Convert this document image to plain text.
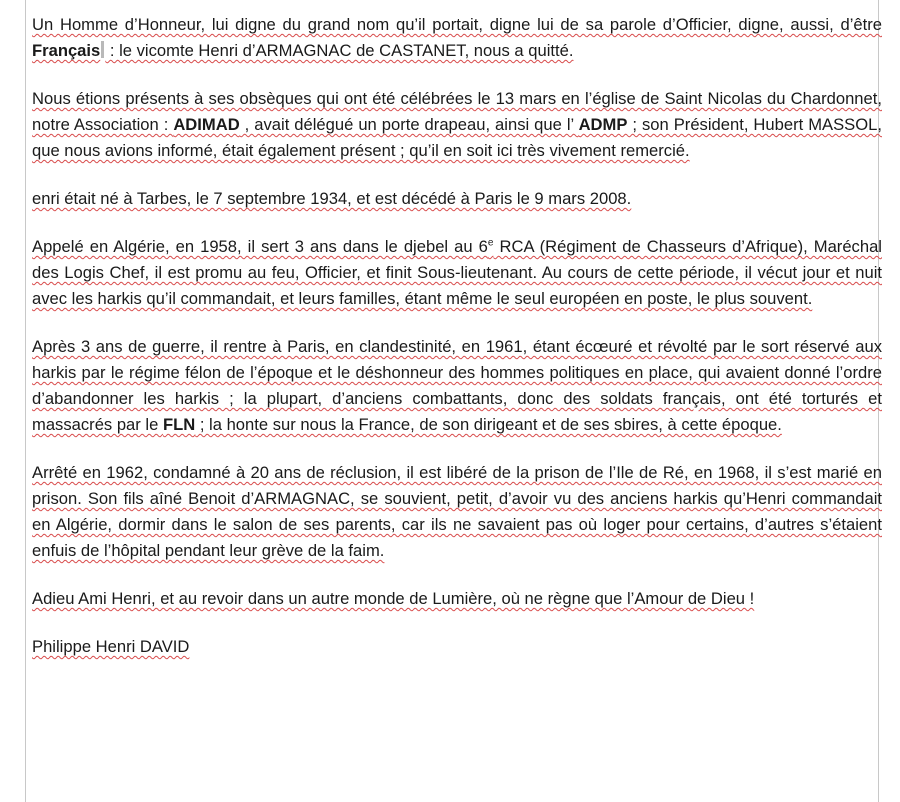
Un Homme d’Honneur, lui digne du grand nom qu’il portait, digne lui de sa parole d’Officier, digne, aussi, d’être Français : le vicomte Henri d’ARMAGNAC de CASTANET, nous a quitté.

Nous étions présents à ses obsèques qui ont été célébrées le 13 mars en l’église de Saint Nicolas du Chardonnet, notre Association : ADIMAD , avait délégué un porte drapeau, ainsi que l’ ADMP ; son Président, Hubert MASSOL, que nous avions informé, était également présent ; qu’il en soit ici très vivement remercié.

enri était né à Tarbes, le 7 septembre 1934, et est décédé à Paris le 9 mars 2008.

Appelé en Algérie, en 1958, il sert 3 ans dans le djebel au 6e RCA (Régiment de Chasseurs d’Afrique), Maréchal des Logis Chef, il est promu au feu, Officier, et finit Sous-lieutenant. Au cours de cette période, il vécut jour et nuit avec les harkis qu’il commandait, et leurs familles, étant même le seul européen en poste, le plus souvent.

Après 3 ans de guerre, il rentre à Paris, en clandestinité, en 1961, étant écœuré et révolté par le sort réservé aux harkis par le régime félon de l’époque et le déshonneur des hommes politiques en place, qui avaient donné l’ordre d’abandonner les harkis ; la plupart, d’anciens combattants, donc des soldats français, ont été torturés et massacrés par le FLN ; la honte sur nous la France, de son dirigeant et de ses sbires, à cette époque.

Arrêté en 1962, condamné à 20 ans de réclusion, il est libéré de la prison de l’Ile de Ré, en 1968, il s’est marié en prison. Son fils aîné Benoit d’ARMAGNAC, se souvient, petit, d’avoir vu des anciens harkis qu’Henri commandait en Algérie, dormir dans le salon de ses parents, car ils ne savaient pas où loger pour certains, d’autres s’étaient enfuis de l’hôpital pendant leur grève de la faim.

Adieu Ami Henri, et au revoir dans un autre monde de Lumière, où ne règne que l’Amour de Dieu !

Philippe Henri DAVID
